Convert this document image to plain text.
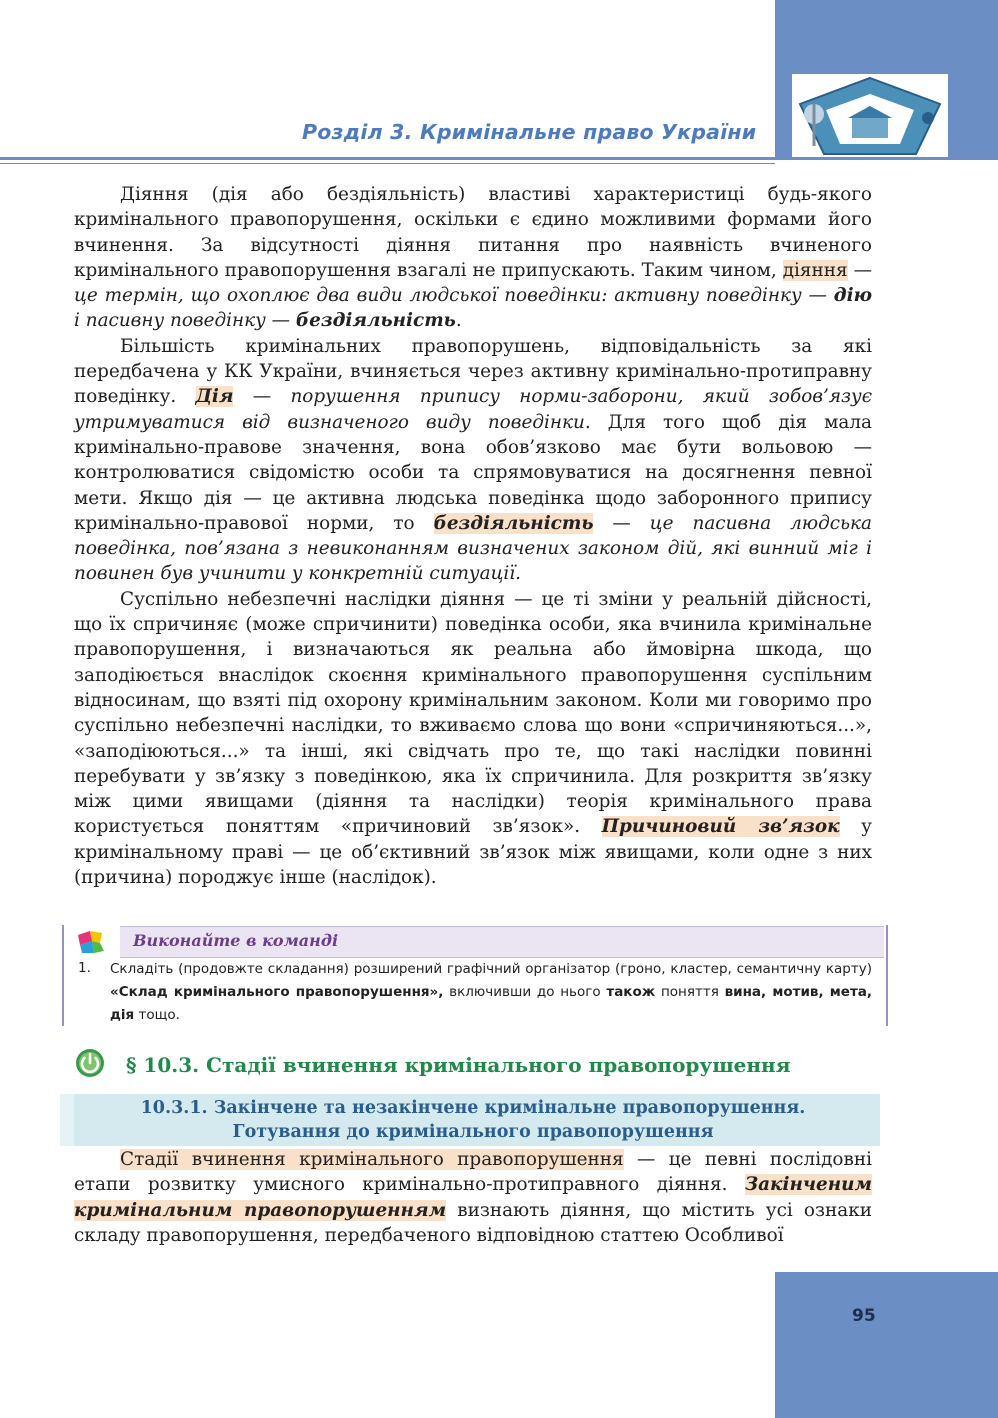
Розділ 3. Кримінальне право України

Діяння (дія або бездіяльність) властиві характеристиці будь-якого кримінального правопорушення, оскільки є єдино можливими формами його вчинення. За відсутності діяння питання про наявність вчиненого кримінального правопорушення взагалі не припускають. Таким чином, діяння — це термін, що охоплює два види людської поведінки: активну поведінку — дію і пасивну поведінку — бездіяльність.

Більшість кримінальних правопорушень, відповідальність за які передбачена у КК України, вчиняється через активну кримінально-протиправну поведінку. Дія — порушення припису норми-заборони, який зобов’язує утримуватися від визначеного виду поведінки. Для того щоб дія мала кримінально-правове значення, вона обов’язково має бути вольовою — контролюватися свідомістю особи та спрямовуватися на досягнення певної мети. Якщо дія — це активна людська поведінка щодо заборонного припису кримінально-правової норми, то бездіяльність — це пасивна людська поведінка, пов’язана з невиконанням визначених законом дій, які винний міг і повинен був учинити у конкретній ситуації.

Суспільно небезпечні наслідки діяння — це ті зміни у реальній дійсності, що їх спричиняє (може спричинити) поведінка особи, яка вчинила кримінальне правопорушення, і визначаються як реальна або ймовірна шкода, що заподіюється внаслідок скоєння кримінального правопорушення суспільним відносинам, що взяті під охорону кримінальним законом. Коли ми говоримо про суспільно небезпечні наслідки, то вживаємо слова що вони «спричиняються...», «заподіюються...» та інші, які свідчать про те, що такі наслідки повинні перебувати у зв’язку з поведінкою, яка їх спричинила. Для розкриття зв’язку між цими явищами (діяння та наслідки) теорія кримінального права користується поняттям «причиновий зв’язок». Причиновий зв’язок у кримінальному праві — це об’єктивний зв’язок між явищами, коли одне з них (причина) породжує інше (наслідок).

Виконайте в команді
1. Складіть (продовжте складання) розширений графічний організатор (гроно, кластер, семантичну карту) «Склад кримінального правопорушення», включивши до нього також поняття вина, мотив, мета, дія тощо.
§ 10.3. Стадії вчинення кримінального правопорушення
10.3.1. Закінчене та незакінчене кримінальне правопорушення.
Готування до кримінального правопорушення

Стадії вчинення кримінального правопорушення — це певні послідовні етапи розвитку умисного кримінально-протиправного діяння. Закінченим кримінальним правопорушенням визнають діяння, що містить усі ознаки складу правопорушення, передбаченого відповідною статтею Особливої

95
